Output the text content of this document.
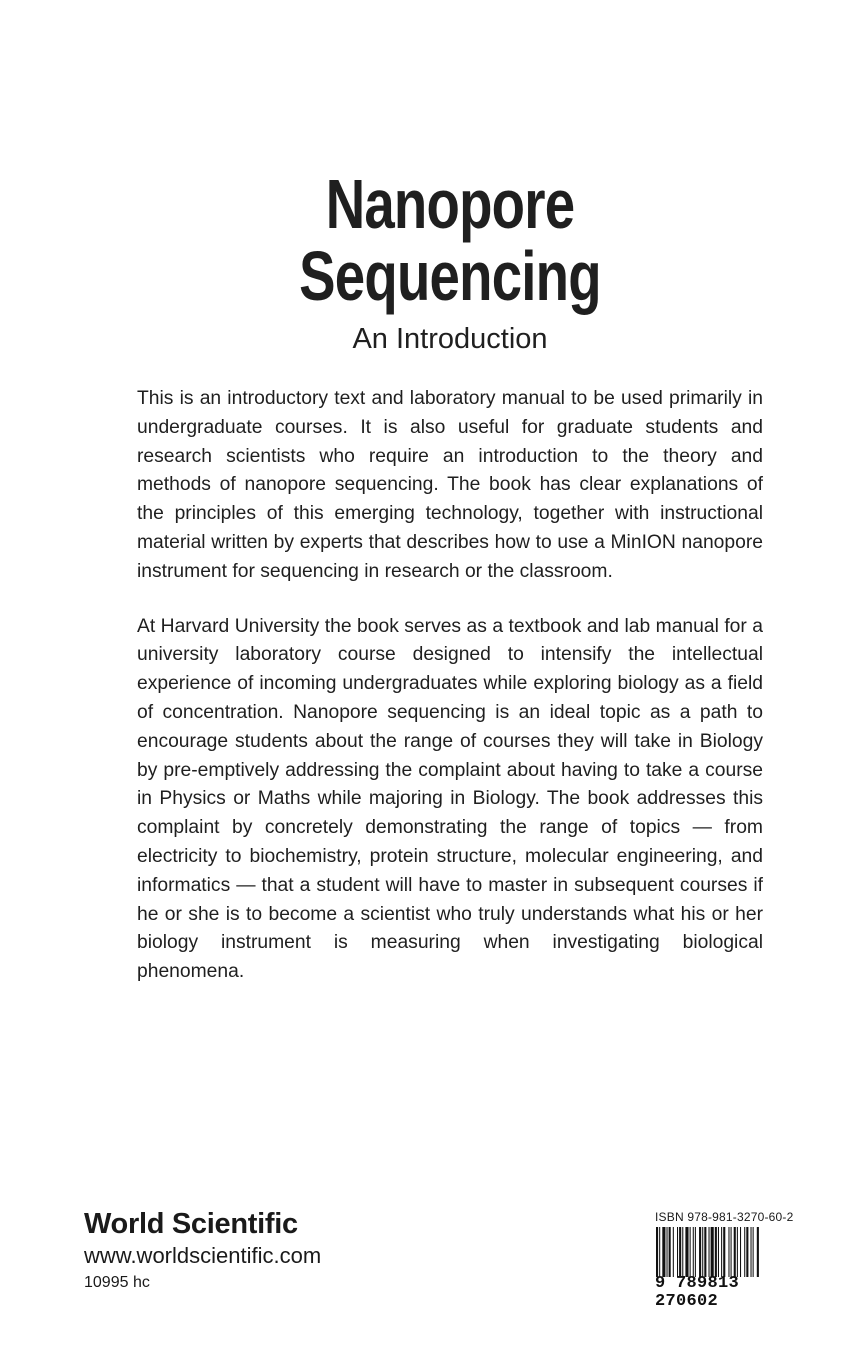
Nanopore
Sequencing
An Introduction

This is an introductory text and laboratory manual to be used primarily in undergraduate courses. It is also useful for graduate students and research scientists who require an introduction to the theory and methods of nanopore sequencing. The book has clear explanations of the principles of this emerging technology, together with instructional material written by experts that describes how to use a MinION nanopore instrument for sequencing in research or the classroom.

At Harvard University the book serves as a textbook and lab manual for a university laboratory course designed to intensify the intellectual experience of incoming undergraduates while exploring biology as a field of concentration. Nanopore sequencing is an ideal topic as a path to encourage students about the range of courses they will take in Biology by pre-emptively addressing the complaint about having to take a course in Physics or Maths while majoring in Biology. The book addresses this complaint by concretely demonstrating the range of topics — from electricity to biochemistry, protein structure, molecular engineering, and informatics — that a student will have to master in subsequent courses if he or she is to become a scientist who truly understands what his or her biology instrument is measuring when investigating biological phenomena.

World Scientific
www.worldscientific.com
10995 hc
ISBN 978-981-3270-60-2
9 789813 270602
